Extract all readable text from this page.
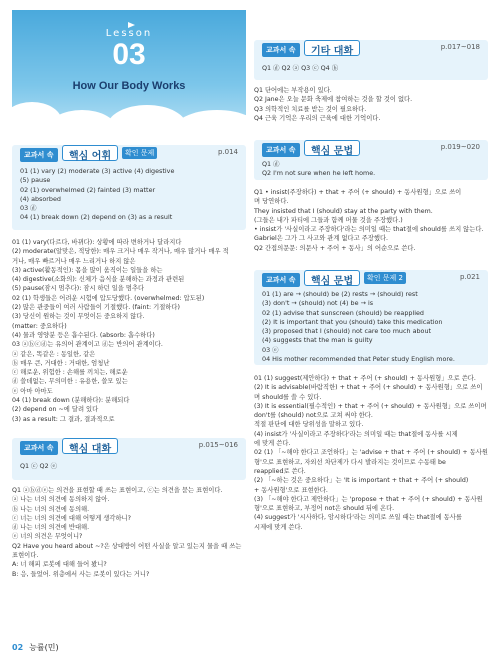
Lesson
03
How Our Body Works
교과서 속	핵심 어휘	확인 문제	p.014
01 (1) vary (2) moderate (3) active (4) digestive
(5) pause
02 (1) overwhelmed (2) fainted (3) matter
(4) absorbed
03 ⓓ
04 (1) break down (2) depend on (3) as a result
01 (1) vary(다르다, 바뀌다): 상황에 따라 변하거나 달라지다
(2) moderate(알맞은, 적당한): 매우 크거나 매우 작거나, 매우 많거나 매우 적
거나, 매우 빠르거나 매우 느리거나 하지 않은
(3) active(활동적인): 몸을 많이 움직이는 일들을 하는
(4) digestive(소화의): 신체가 음식을 분해하는 과정과 관련된
(5) pause(잠시 멈추다): 잠시 하던 일을 멈추다
02 (1) 학생들은 어려운 시험에 압도당했다. (overwhelmed: 압도된)
(2) 많은 관중들이 여러 사람들이 기절했다. (faint: 기절하다)
(3) 당신이 원하는 것이 무엇이든 중요하지 않다.
(matter: 중요하다)
(4) 물과 영양분 등은 흡수된다. (absorb: 흡수하다)
03 ⓐⓑⓒⓓ는 유의어 관계이고 ⓓ는 반의어 관계이다.
ⓐ 같은, 똑같은 : 동일한, 같은
ⓑ 매우 큰, 거대한 : 거대한, 엄청난
ⓒ 해로운, 위험한 : 손해를 끼치는, 해로운
ⓓ 쓸데없는, 무의미한 : 유용한, 쓸모 있는
ⓔ 아마 아마도
04 (1) break down (분해하다): 분해되다
(2) depend on ~에 달려 있다
(3) as a result: 그 결과, 결과적으로
교과서 속	핵심 대화	p.015~016
Q1 ⓒ Q2 ⓔ
Q1 ⓐⓑⓓⓔ는 의견을 표현할 때 쓰는 표현이고, ⓒ는 의견을 묻는 표현이다.
ⓐ 나는 너의 의견에 동의하지 않아.
ⓑ 나는 너의 의견에 동의해.
ⓒ 너는 너의 의견에 대해 어떻게 생각하니?
ⓓ 나는 너의 의견에 반대해.
ⓔ 너의 의견은 무엇이니?
Q2 Have you heard about ~?은 상대방이 어떤 사실을 알고 있는지 물을 때 쓰는
표현이다.
A: 너 해피 로봇에 대해 들어 봤니?
B: 응, 들었어. 위층에서 사는 로봇이 있다는 거니?
교과서 속	기타 대화	p.017~018
Q1 ⓓ Q2 ⓐ Q3 ⓒ Q4 ⓑ
Q1 단어에는 부작용이 있다.
Q2 Jane은 오늘 문화 축제에 참여하는 것을 할 것이 없다.
Q3 의학적인 치료를 받는 것이 필요하다.
Q4 근육 기억은 우리의 근육에 대한 기억이다.
교과서 속	핵심 문법	p.019~020
Q1 ⓓ
Q2 I'm not sure when he left home.
Q1 • insist(주장하다) + that + 주어 (+ should) + 동사원형」으로 쓰이
며 당연하다.
They insisted that I (should) stay at the party with them.
(그들은 내가 파티에 그들과 함께 머물 것을 주장했다.)
• insist가 '사실이라고 주장하다'라는 의미일 때는 that절에 should를 쓰지 않는다.
Gabriel은 그가 그 사고와 관계 없다고 주장했다.
Q2 간접의문문: 의문사 + 주어 + 동사」의 어순으로 쓴다.
교과서 속	핵심 문법	확인 문제 2	p.021
01 (1) are → (should) be (2) rests → (should) rest
(3) don't → (should) not (4) be → is
02 (1) advise that sunscreen (should) be reapplied
(2) It is important that you (should) take this medication
(3) proposed that I (should) not care too much about
(4) suggests that the man is guilty
03 ⓔ
04 His mother recommended that Peter study English more.
01 (1) suggest(제안하다) + that + 주어 (+ should) + 동사원형」으로 쓴다.
(2) It is advisable(바람직한) + that + 주어 (+ should) + 동사원형」으로 쓰이
며 should를 쓸 수 있다.
(3) It is essential(필수적인) + that + 주어 (+ should) + 동사원형」으로 쓰이며
don't를 (should) not으로 고쳐 써야 한다.
적절 판단에 대한 당위성을 말하고 있다.
(4) insist가 '사실이라고 주장하다'라는 의미일 때는 that절에 동사를 시제
에 맞게 쓴다.
02 (1) 「~해야 한다고 조언하다」는 'advise + that + 주어 (+ should) + 동사원
형'으로 표현하고, 자외선 차단제가 다시 발라지는 것이므로 수동태 be
reapplied로 쓴다.
(2) 「~하는 것은 중요하다」는 'It is important + that + 주어 (+ should)
+ 동사원형'으로 표현한다.
(3) 「~해야 한다고 제안하다」는 'propose + that + 주어 (+ should) + 동사원
형'으로 표현하고, 부정어 not은 should 뒤에 온다.
(4) suggest가 '시사하다, 암시하다'라는 의미로 쓰일 때는 that절에 동사를
시제에 맞게 쓴다.
02 능률(민)
